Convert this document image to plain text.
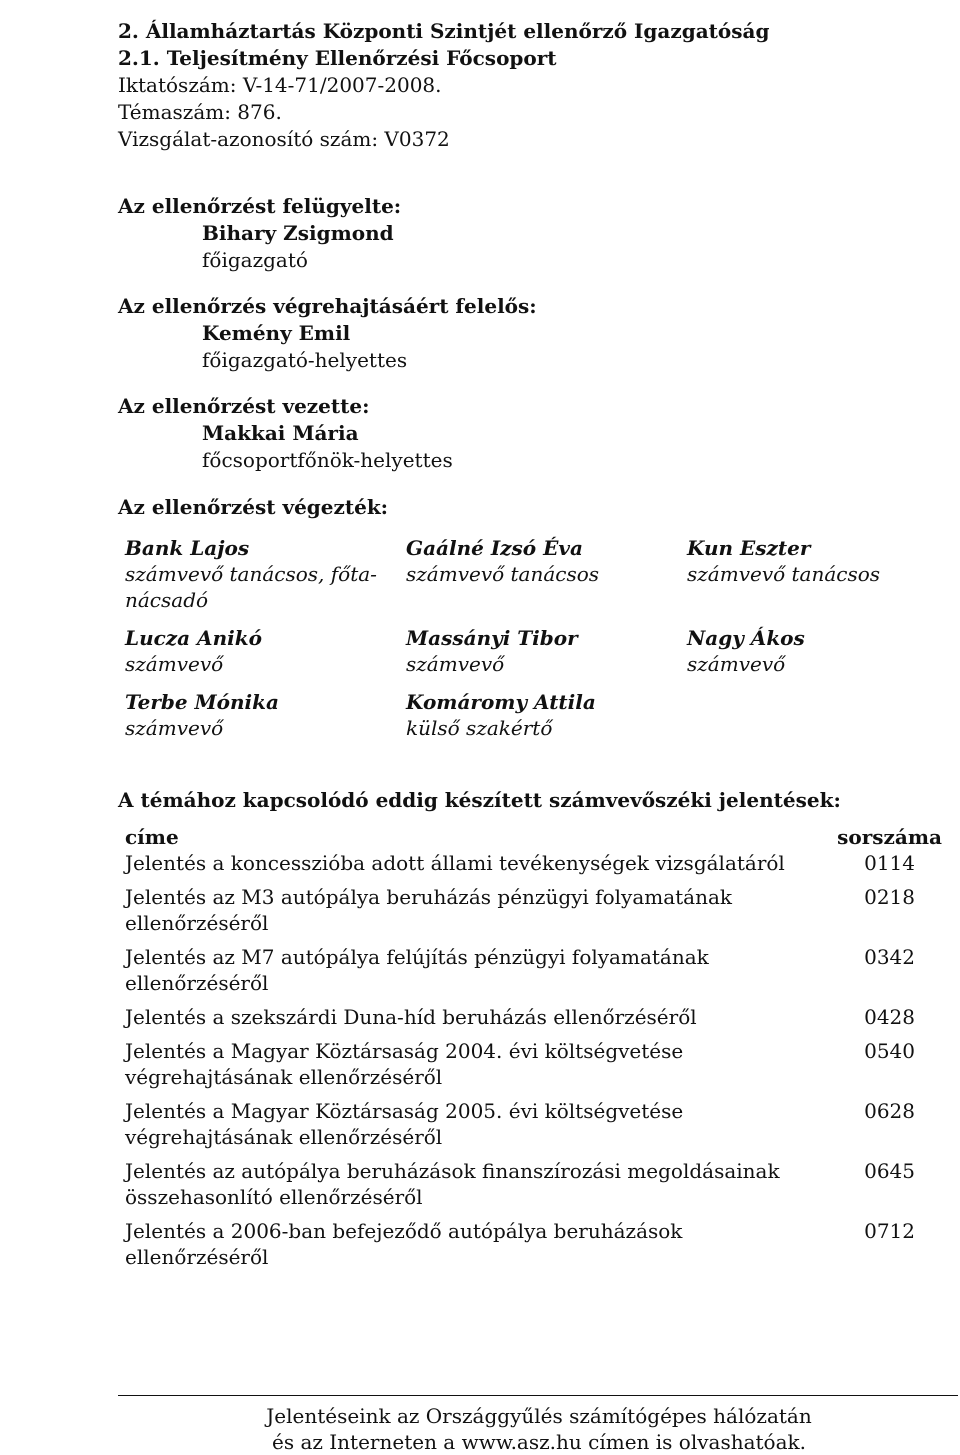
2. Államháztartás Központi Szintjét ellenőrző Igazgatóság
2.1. Teljesítmény Ellenőrzési Főcsoport
Iktatószám: V-14-71/2007-2008.
Témaszám: 876.
Vizsgálat-azonosító szám: V0372
Az ellenőrzést felügyelte:
Bihary Zsigmond
főigazgató
Az ellenőrzés végrehajtásáért felelős:
Kemény Emil
főigazgató-helyettes
Az ellenőrzést vezette:
Makkai Mária
főcsoportfőnök-helyettes
Az ellenőrzést végezték:
Bank Lajos
számvevő tanácsos, főta-nácsadó
Gaálné Izsó Éva
számvevő tanácsos
Kun Eszter
számvevő tanácsos
Lucza Anikó
számvevő
Massányi Tibor
számvevő
Nagy Ákos
számvevő
Terbe Mónika
számvevő
Komáromy Attila
külső szakértő
A témához kapcsolódó eddig készített számvevőszéki jelentések:
címe	sorszáma
Jelentés a koncesszióba adott állami tevékenységek vizsgálatáról	0114
Jelentés az M3 autópálya beruházás pénzügyi folyamatának ellenőrzéséről
0218
Jelentés az M7 autópálya felújítás pénzügyi folyamatának ellenőrzéséről
0342
Jelentés a szekszárdi Duna-híd beruházás ellenőrzéséről	0428
Jelentés a Magyar Köztársaság 2004. évi költségvetése végrehajtásának ellenőrzéséről
0540
Jelentés a Magyar Köztársaság 2005. évi költségvetése végrehajtásának ellenőrzéséről
0628
Jelentés az autópálya beruházások finanszírozási megoldásainak összehasonlító ellenőrzéséről
0645
Jelentés a 2006-ban befejeződő autópálya beruházások ellenőrzéséről
0712
Jelentéseink az Országgyűlés számítógépes hálózatán
és az Interneten a www.asz.hu címen is olvashatóak.
